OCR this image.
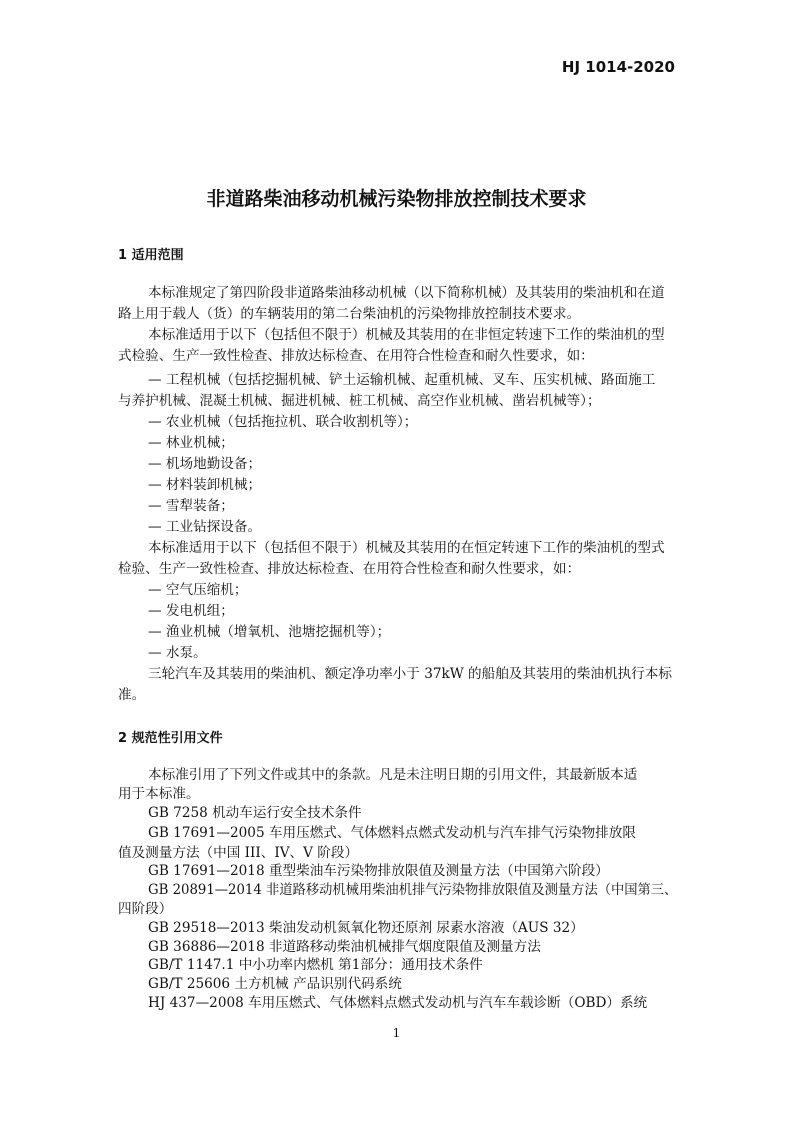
HJ 1014-2020
非道路柴油移动机械污染物排放控制技术要求
1 适用范围
本标准规定了第四阶段非道路柴油移动机械（以下简称机械）及其装用的柴油机和在道
路上用于载人（货）的车辆装用的第二台柴油机的污染物排放控制技术要求。
本标准适用于以下（包括但不限于）机械及其装用的在非恒定转速下工作的柴油机的型
式检验、生产一致性检查、排放达标检查、在用符合性检查和耐久性要求，如：
— 工程机械（包括挖掘机械、铲土运输机械、起重机械、叉车、压实机械、路面施工
与养护机械、混凝土机械、掘进机械、桩工机械、高空作业机械、凿岩机械等）；
— 农业机械（包括拖拉机、联合收割机等）；
— 林业机械；
— 机场地勤设备；
— 材料装卸机械；
— 雪犁装备；
— 工业钻探设备。
本标准适用于以下（包括但不限于）机械及其装用的在恒定转速下工作的柴油机的型式
检验、生产一致性检查、排放达标检查、在用符合性检查和耐久性要求，如：
— 空气压缩机；
— 发电机组；
— 渔业机械（增氧机、池塘挖掘机等）；
— 水泵。
三轮汽车及其装用的柴油机、额定净功率小于 37kW 的船舶及其装用的柴油机执行本标
准。
2 规范性引用文件
本标准引用了下列文件或其中的条款。凡是未注明日期的引用文件，其最新版本适
用于本标准。
GB 7258 机动车运行安全技术条件
GB 17691—2005 车用压燃式、气体燃料点燃式发动机与汽车排气污染物排放限
值及测量方法（中国 III、IV、V 阶段）
GB 17691—2018 重型柴油车污染物排放限值及测量方法（中国第六阶段）
GB 20891—2014 非道路移动机械用柴油机排气污染物排放限值及测量方法（中国第三、
四阶段）
GB 29518—2013 柴油发动机氮氧化物还原剂 尿素水溶液（AUS 32）
GB 36886—2018 非道路移动柴油机械排气烟度限值及测量方法
GB/T 1147.1 中小功率内燃机 第1部分：通用技术条件
GB/T 25606 土方机械 产品识别代码系统
HJ 437—2008 车用压燃式、气体燃料点燃式发动机与汽车车载诊断（OBD）系统
1
